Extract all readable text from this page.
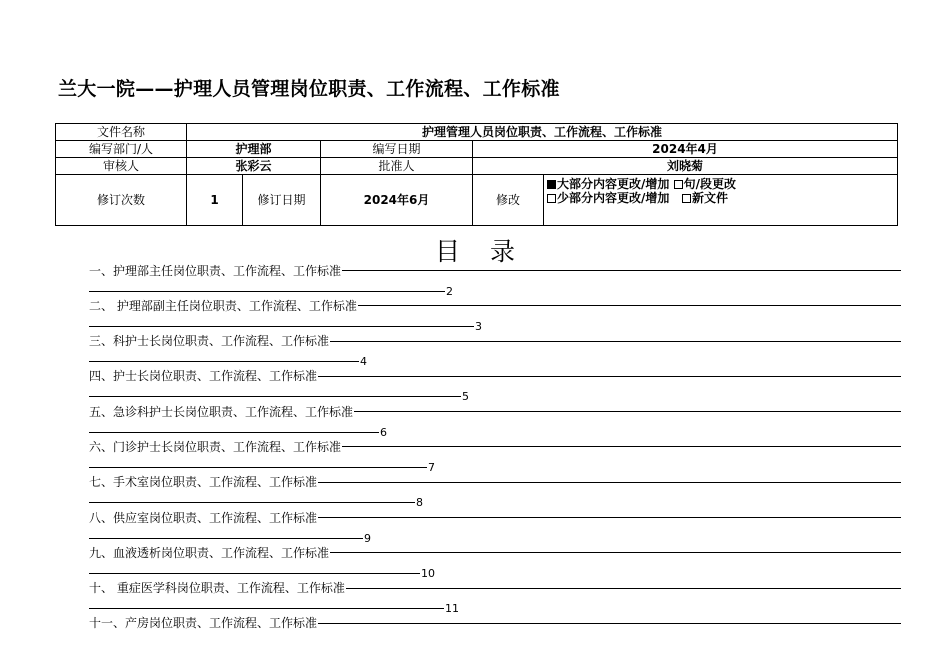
兰大一院——护理人员管理岗位职责、工作流程、工作标准
文件名称	护理管理人员岗位职责、工作流程、工作标准				
编写部门/人	护理部		编写日期	2024年4月	
审核人	张彩云		批准人	刘晓菊	
修订次数	1	修订日期	2024年6月	修改	大部分内容更改/增加 句/段更改
少部分内容更改/增加 新文件
目录
一、护理部主任岗位职责、工作流程、工作标准
2
二、 护理部副主任岗位职责、工作流程、工作标准
3
三、科护士长岗位职责、工作流程、工作标准
4
四、护士长岗位职责、工作流程、工作标准
5
五、急诊科护士长岗位职责、工作流程、工作标准
6
六、门诊护士长岗位职责、工作流程、工作标准
7
七、手术室岗位职责、工作流程、工作标准
8
八、供应室岗位职责、工作流程、工作标准
9
九、血液透析岗位职责、工作流程、工作标准
10
十、 重症医学科岗位职责、工作流程、工作标准
11
十一、产房岗位职责、工作流程、工作标准
